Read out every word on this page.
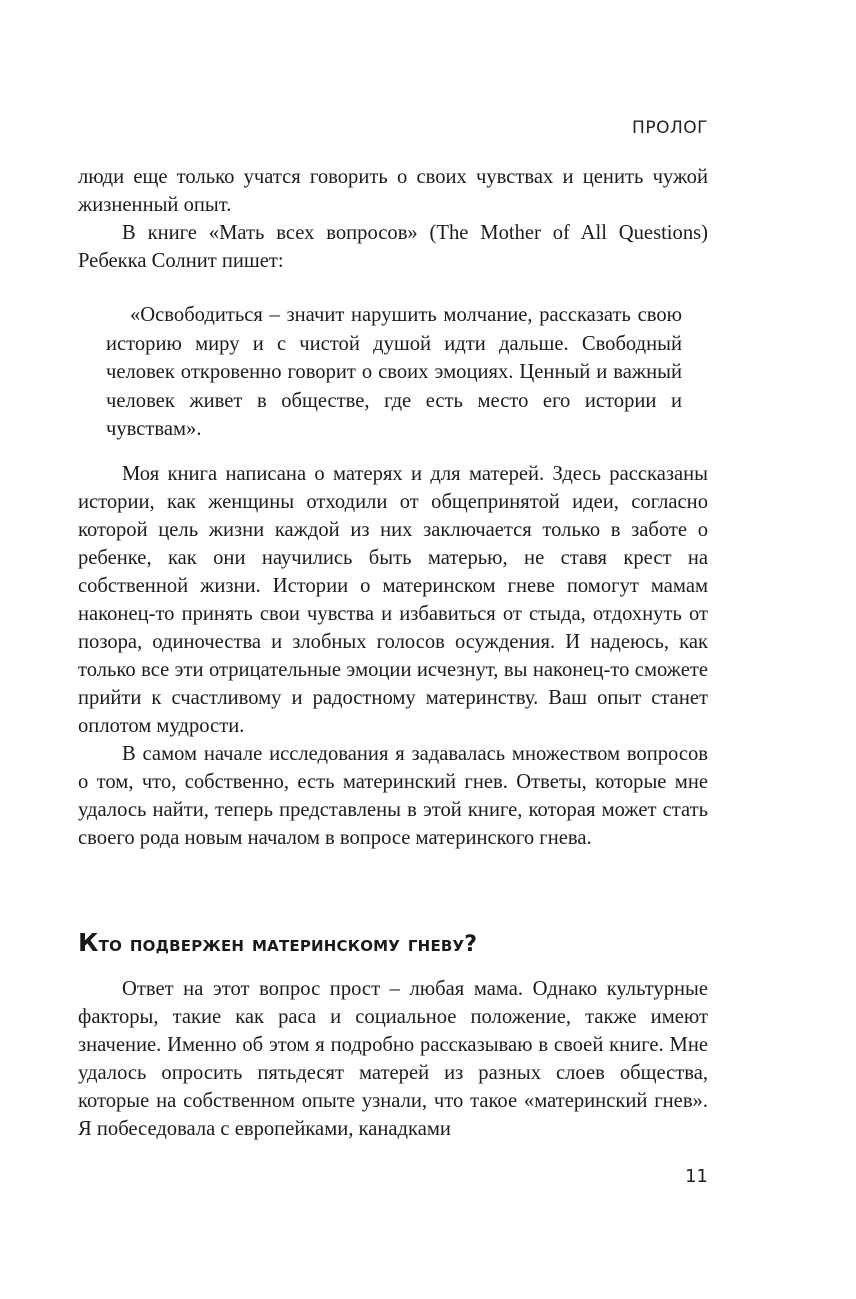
ПРОЛОГ

люди еще только учатся говорить о своих чувствах и ценить чужой жизненный опыт.

В книге «Мать всех вопросов» (The Mother of All Questions) Ребекка Солнит пишет:

«Освободиться – значит нарушить молчание, рассказать свою историю миру и с чистой душой идти дальше. Свободный человек откровенно говорит о своих эмоциях. Ценный и важный человек живет в обществе, где есть место его истории и чувствам».

Моя книга написана о матерях и для матерей. Здесь рассказаны истории, как женщины отходили от общепринятой идеи, согласно которой цель жизни каждой из них заключается только в заботе о ребенке, как они научились быть матерью, не ставя крест на собственной жизни. Истории о материнском гневе помогут мамам наконец-то принять свои чувства и избавиться от стыда, отдохнуть от позора, одиночества и злобных голосов осуждения. И надеюсь, как только все эти отрицательные эмоции исчезнут, вы наконец-то сможете прийти к счастливому и радостному материнству. Ваш опыт станет оплотом мудрости.

В самом начале исследования я задавалась множеством вопросов о том, что, собственно, есть материнский гнев. Ответы, которые мне удалось найти, теперь представлены в этой книге, которая может стать своего рода новым началом в вопросе материнского гнева.

Кто подвержен материнскому гневу?

Ответ на этот вопрос прост – любая мама. Однако культурные факторы, такие как раса и социальное положение, также имеют значение. Именно об этом я подробно рассказываю в своей книге. Мне удалось опросить пятьдесят матерей из разных слоев общества, которые на собственном опыте узнали, что такое «материнский гнев». Я побеседовала с европейками, канадками

11
